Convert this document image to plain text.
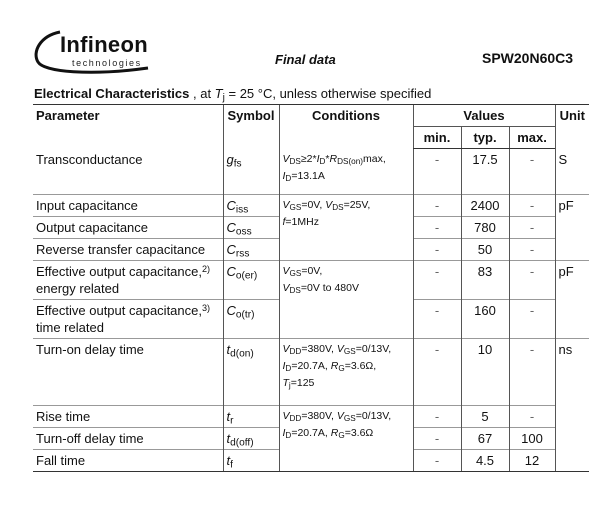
Infineon
technologies	Final data	SPW20N60C3
Electrical Characteristics , at $T_j = 25$ °C, unless otherwise specified
Parameter	Symbol	Conditions	Values			Unit
			min.	typ.	max.	
Transconductance	$g_{fs}$	$V_{DS}\ge 2*I_D*R_{DS(on)}\max$,
$I_D=13.1A$	-	17.5	-	S
Input capacitance	$C_{iss}$	$V_{GS}=0V$, $V_{DS}=25V$,
f=1MHz	-	2400	-	pF
Output capacitance	$C_{oss}$		-	780	-	
Reverse transfer capacitance	$C_{rss}$		-	50	-	
Effective output capacitance,$^{2)}$
energy related	$C_{o(er)}$	$V_{GS}=0V$,
$V_{DS}=0V$ to 480V	-	83	-	pF
Effective output capacitance,$^{3)}$
time related	$C_{o(tr)}$		-	160	-	
Turn-on delay time	$t_{d(on)}$	$V_{DD}=380V$, $V_{GS}=0/13V$,
$I_D=20.7A$, $R_G=3.6\Omega$,
$T_j=125$	-	10	-	ns
Rise time	$t_r$	$V_{DD}=380V$, $V_{GS}=0/13V$,
$I_D=20.7A$, $R_G=3.6\Omega$	-	5	-	
Turn-off delay time	$t_{d(off)}$		-	67	100	
Fall time	$t_f$		-	4.5	12	
